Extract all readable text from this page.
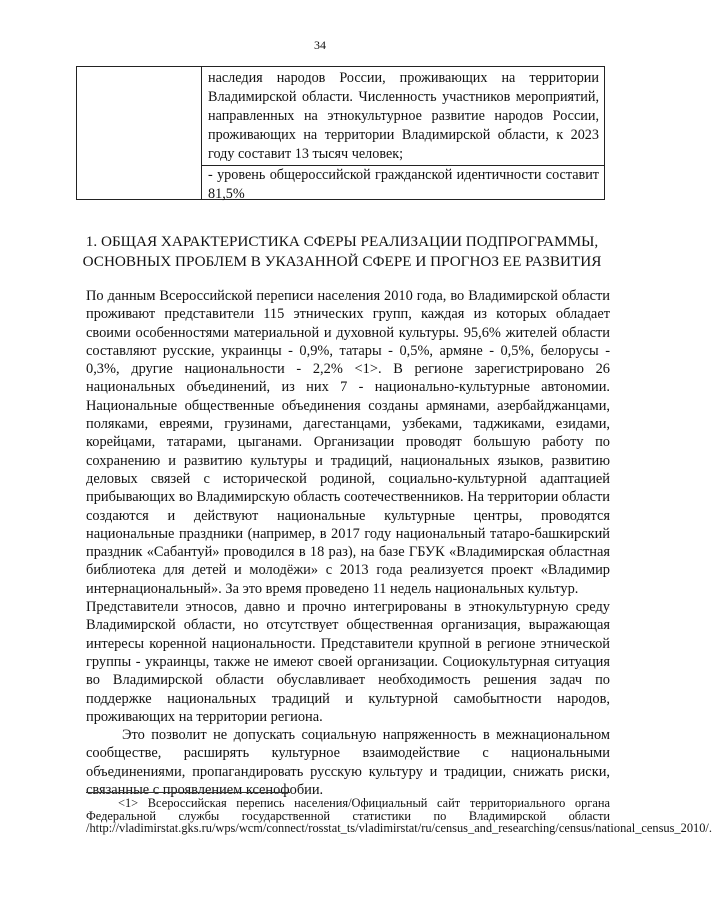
34

наследия народов России, проживающих на территории Владимирской области. Численность участников мероприятий, направленных на этнокультурное развитие народов России, проживающих на территории Владимирской области, к 2023 году составит 13 тысяч человек;

- уровень общероссийской гражданской идентичности составит 81,5%

1. ОБЩАЯ ХАРАКТЕРИСТИКА СФЕРЫ РЕАЛИЗАЦИИ ПОДПРОГРАММЫ, ОСНОВНЫХ ПРОБЛЕМ В УКАЗАННОЙ СФЕРЕ И ПРОГНОЗ ЕЕ РАЗВИТИЯ

По данным Всероссийской переписи населения 2010 года, во Владимирской области проживают представители 115 этнических групп, каждая из которых обладает своими особенностями материальной и духовной культуры. 95,6% жителей области составляют русские, украинцы - 0,9%, татары - 0,5%, армяне - 0,5%, белорусы - 0,3%, другие национальности - 2,2% <1>. В регионе зарегистрировано 26 национальных объединений, из них 7 - национально-культурные автономии. Национальные общественные объединения созданы армянами, азербайджанцами, поляками, евреями, грузинами, дагестанцами, узбеками, таджиками, езидами, корейцами, татарами, цыганами. Организации проводят большую работу по сохранению и развитию культуры и традиций, национальных языков, развитию деловых связей с исторической родиной, социально-культурной адаптацией прибывающих во Владимирскую область соотечественников. На территории области создаются и действуют национальные культурные центры, проводятся национальные праздники (например, в 2017 году национальный татаро-башкирский праздник «Сабантуй» проводился в 18 раз), на базе ГБУК «Владимирская областная библиотека для детей и молодёжи» с 2013 года реализуется проект «Владимир интернациональный». За это время проведено 11 недель национальных культур.

Представители этносов, давно и прочно интегрированы в этнокультурную среду Владимирской области, но отсутствует общественная организация, выражающая интересы коренной национальности. Представители крупной в регионе этнической группы - украинцы, также не имеют своей организации. Социокультурная ситуация во Владимирской области обуславливает необходимость решения задач по поддержке национальных традиций и культурной самобытности народов, проживающих на территории региона.

Это позволит не допускать социальную напряженность в межнациональном сообществе, расширять культурное взаимодействие с национальными объединениями, пропагандировать русскую культуру и традиции, снижать риски, связанные с проявлением ксенофобии.

<1> Всероссийская перепись населения/Официальный сайт территориального органа Федеральной службы государственной статистики по Владимирской области /http://vladimirstat.gks.ru/wps/wcm/connect/rosstat_ts/vladimirstat/ru/census_and_researching/census/national_census_2010/.
